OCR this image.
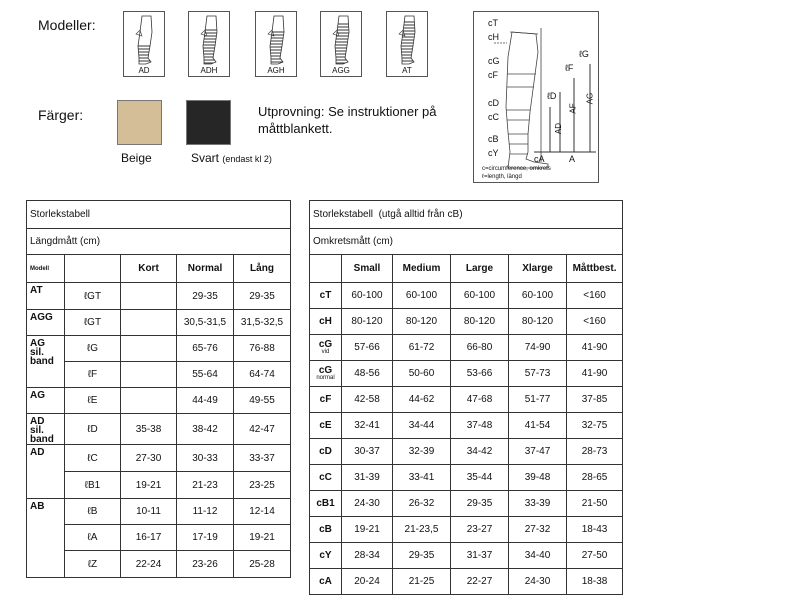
Modeller:
AD	ADH	AGH	AGG	AT
Färger:
Beige	Svart (endast kl 2)
Utprovning: Se instruktioner på
måttblankett.
cT
cH
cG
cF
cD
cC
cB
cY
cA
ℓG
ℓF
ℓD
AD
AF
AG
A
c=circumference, omkrets
ℓ=length, längd
Storlekstabell				
Längdmått (cm)				
Modell		Kort	Normal	Lång
AT	ℓGT		29-35	29-35
AGG	ℓGT		30,5-31,5	31,5-32,5
AG sil. band	ℓG		65-76	76-88
	ℓF		55-64	64-74
AG	ℓE		44-49	49-55
AD sil. band	ℓD	35-38	38-42	42-47
AD	ℓC	27-30	30-33	33-37
	ℓB1	19-21	21-23	23-25
AB	ℓB	10-11	11-12	12-14
	ℓA	16-17	17-19	19-21
	ℓZ	22-24	23-26	25-28
Storlekstabell (utgå alltid från cB)					
Omkretsmått (cm)					
	Small	Medium	Large	Xlarge	Måttbest.
cT	60-100	60-100	60-100	60-100	<160
cH	80-120	80-120	80-120	80-120	<160
cG
vid	57-66	61-72	66-80	74-90	41-90
cG
normal	48-56	50-60	53-66	57-73	41-90
cF	42-58	44-62	47-68	51-77	37-85
cE	32-41	34-44	37-48	41-54	32-75
cD	30-37	32-39	34-42	37-47	28-73
cC	31-39	33-41	35-44	39-48	28-65
cB1	24-30	26-32	29-35	33-39	21-50
cB	19-21	21-23,5	23-27	27-32	18-43
cY	28-34	29-35	31-37	34-40	27-50
cA	20-24	21-25	22-27	24-30	18-38
